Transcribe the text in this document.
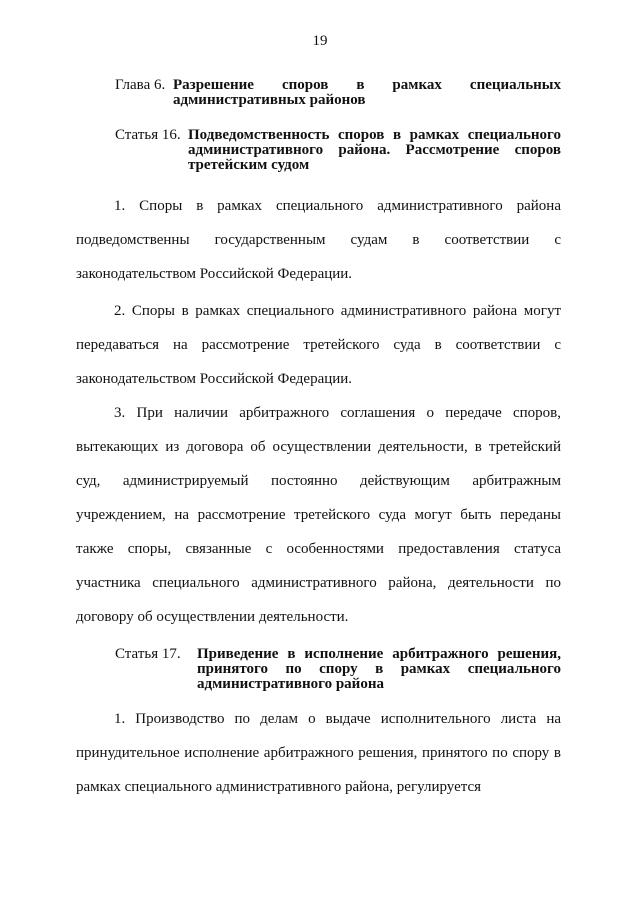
19
Глава 6. Разрешение споров в рамках специальных административных районов
Статья 16. Подведомственность споров в рамках специального административного района. Рассмотрение споров третейским судом
1. Споры в рамках специального административного района подведомственны государственным судам в соответствии с законодательством Российской Федерации.
2. Споры в рамках специального административного района могут передаваться на рассмотрение третейского суда в соответствии с законодательством Российской Федерации.
3. При наличии арбитражного соглашения о передаче споров, вытекающих из договора об осуществлении деятельности, в третейский суд, администрируемый постоянно действующим арбитражным учреждением, на рассмотрение третейского суда могут быть переданы также споры, связанные с особенностями предоставления статуса участника специального административного района, деятельности по договору об осуществлении деятельности.
Статья 17.	Приведение в исполнение арбитражного решения, принятого по спору в рамках специального административного района
1. Производство по делам о выдаче исполнительного листа на принудительное исполнение арбитражного решения, принятого по спору в рамках специального административного района, регулируется
